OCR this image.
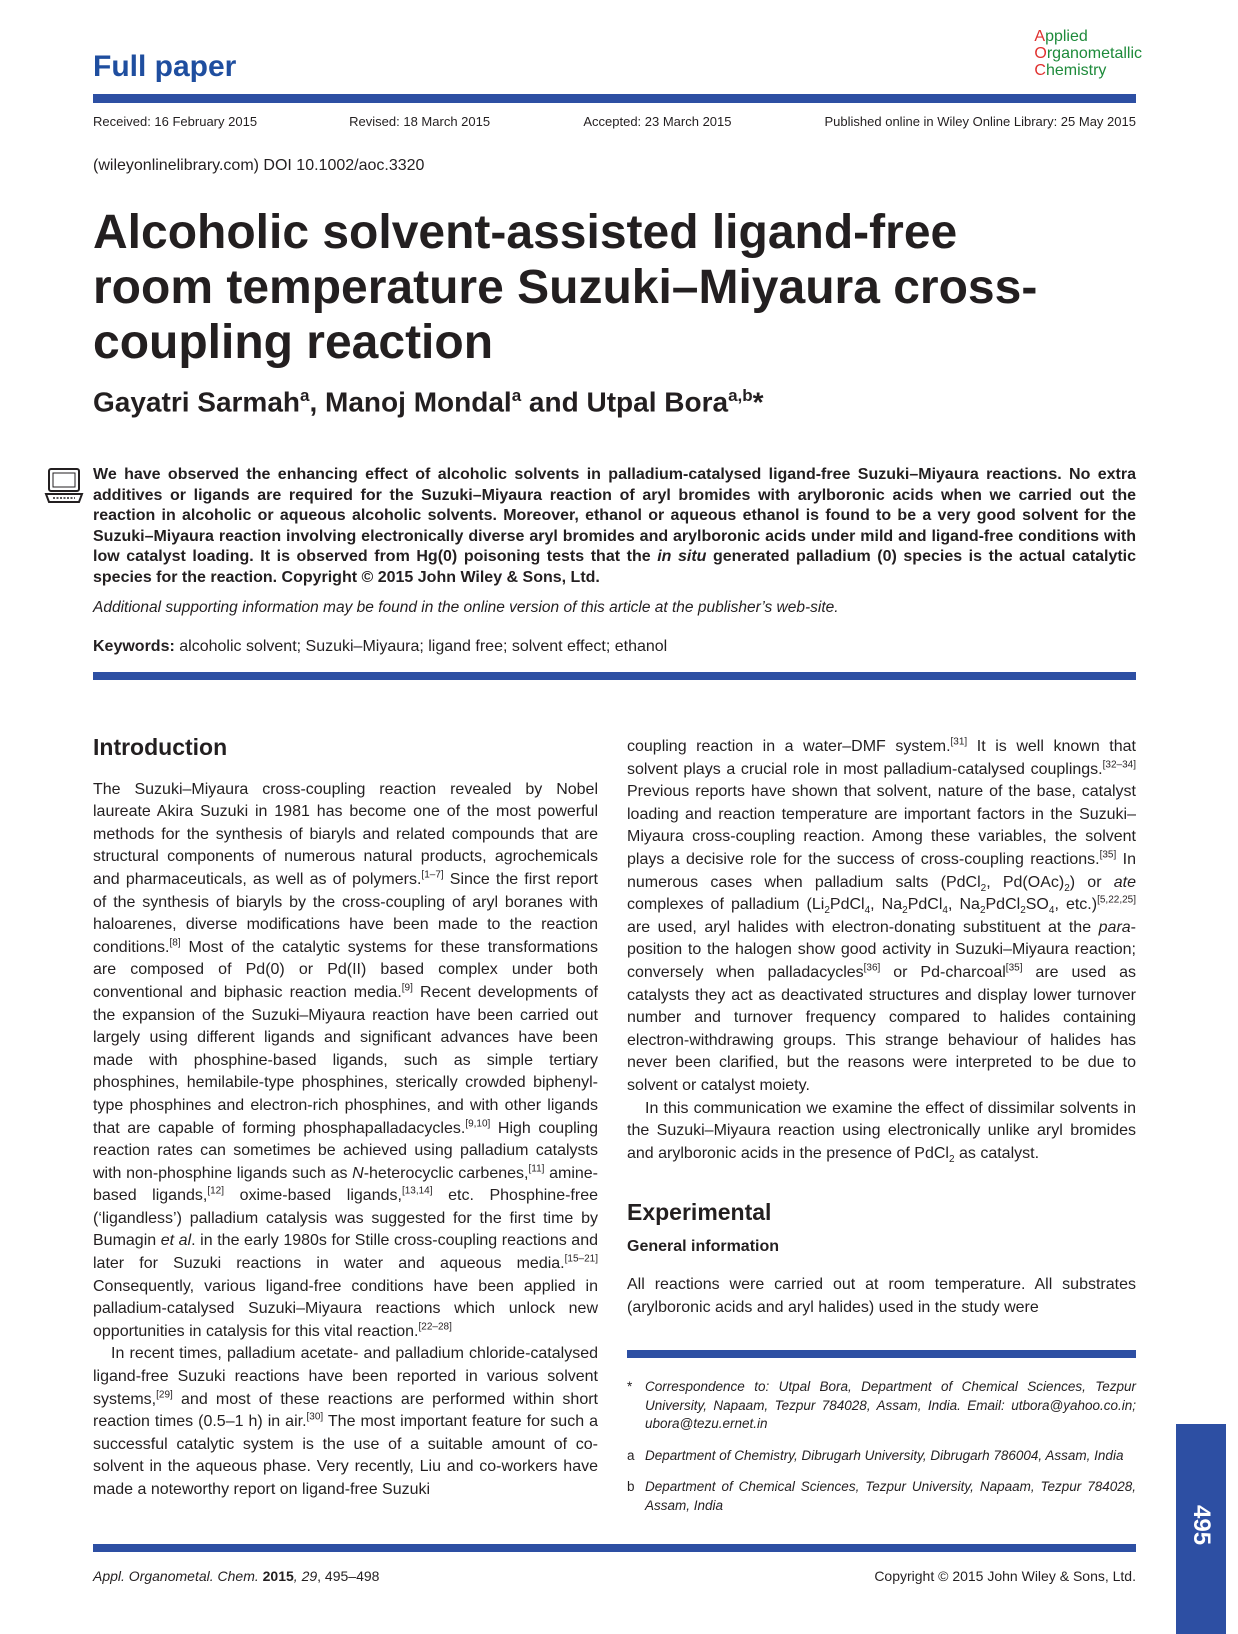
Full paper
Applied
Organometallic
Chemistry
Received: 16 February 2015	Revised: 18 March 2015	Accepted: 23 March 2015	Published online in Wiley Online Library: 25 May 2015
(wileyonlinelibrary.com) DOI 10.1002/aoc.3320
Alcoholic solvent-assisted ligand-free room temperature Suzuki–Miyaura cross-coupling reaction
Gayatri Sarmah$^a$, Manoj Mondal$^a$ and Utpal Bora$^{a,b}$*
We have observed the enhancing effect of alcoholic solvents in palladium-catalysed ligand-free Suzuki–Miyaura reactions. No extra additives or ligands are required for the Suzuki–Miyaura reaction of aryl bromides with arylboronic acids when we carried out the reaction in alcoholic or aqueous alcoholic solvents. Moreover, ethanol or aqueous ethanol is found to be a very good solvent for the Suzuki–Miyaura reaction involving electronically diverse aryl bromides and arylboronic acids under mild and ligand-free conditions with low catalyst loading. It is observed from Hg(0) poisoning tests that the in situ generated palladium (0) species is the actual catalytic species for the reaction. Copyright © 2015 John Wiley & Sons, Ltd.
Additional supporting information may be found in the online version of this article at the publisher’s web-site.
Keywords: alcoholic solvent; Suzuki–Miyaura; ligand free; solvent effect; ethanol
Introduction

The Suzuki–Miyaura cross-coupling reaction revealed by Nobel laureate Akira Suzuki in 1981 has become one of the most powerful methods for the synthesis of biaryls and related compounds that are structural components of numerous natural products, agrochemicals and pharmaceuticals, as well as of polymers.[1–7] Since the first report of the synthesis of biaryls by the cross-coupling of aryl boranes with haloarenes, diverse modifications have been made to the reaction conditions.[8] Most of the catalytic systems for these transformations are composed of Pd(0) or Pd(II) based complex under both conventional and biphasic reaction media.[9] Recent developments of the expansion of the Suzuki–Miyaura reaction have been carried out largely using different ligands and significant advances have been made with phosphine-based ligands, such as simple tertiary phosphines, hemilabile-type phosphines, sterically crowded biphenyl-type phosphines and electron-rich phosphines, and with other ligands that are capable of forming phosphapalladacycles.[9,10] High coupling reaction rates can sometimes be achieved using palladium catalysts with non-phosphine ligands such as N-heterocyclic carbenes,[11] amine-based ligands,[12] oxime-based ligands,[13,14] etc. Phosphine-free (‘ligandless’) palladium catalysis was suggested for the first time by Bumagin et al. in the early 1980s for Stille cross-coupling reactions and later for Suzuki reactions in water and aqueous media.[15–21] Consequently, various ligand-free conditions have been applied in palladium-catalysed Suzuki–Miyaura reactions which unlock new opportunities in catalysis for this vital reaction.[22–28]

In recent times, palladium acetate- and palladium chloride-catalysed ligand-free Suzuki reactions have been reported in various solvent systems,[29] and most of these reactions are performed within short reaction times (0.5–1 h) in air.[30] The most important feature for such a successful catalytic system is the use of a suitable amount of co-solvent in the aqueous phase. Very recently, Liu and co-workers have made a noteworthy report on ligand-free Suzuki

coupling reaction in a water–DMF system.[31] It is well known that solvent plays a crucial role in most palladium-catalysed couplings.[32–34] Previous reports have shown that solvent, nature of the base, catalyst loading and reaction temperature are important factors in the Suzuki–Miyaura cross-coupling reaction. Among these variables, the solvent plays a decisive role for the success of cross-coupling reactions.[35] In numerous cases when palladium salts (PdCl$_2$, $Pd(OAc)_2$) or ate complexes of palladium ($Li_2PdCl_4$, $Na_2PdCl_4$, $Na_2PdCl_2SO_4$, etc.)[5,22,25] are used, aryl halides with electron-donating substituent at the para-position to the halogen show good activity in Suzuki–Miyaura reaction; conversely when palladacycles[36] or Pd-charcoal[35] are used as catalysts they act as deactivated structures and display lower turnover number and turnover frequency compared to halides containing electron-withdrawing groups. This strange behaviour of halides has never been clarified, but the reasons were interpreted to be due to solvent or catalyst moiety.

In this communication we examine the effect of dissimilar solvents in the Suzuki–Miyaura reaction using electronically unlike aryl bromides and arylboronic acids in the presence of PdCl$_2$ as catalyst.

Experimental
General information

All reactions were carried out at room temperature. All substrates (arylboronic acids and aryl halides) used in the study were

* Correspondence to: Utpal Bora, Department of Chemical Sciences, Tezpur University, Napaam, Tezpur 784028, Assam, India. Email: utbora@yahoo.co.in; ubora@tezu.ernet.in
a Department of Chemistry, Dibrugarh University, Dibrugarh 786004, Assam, India
b Department of Chemical Sciences, Tezpur University, Napaam, Tezpur 784028, Assam, India	495
Appl. Organometal. Chem. 2015, 29, 495–498	Copyright © 2015 John Wiley & Sons, Ltd.
